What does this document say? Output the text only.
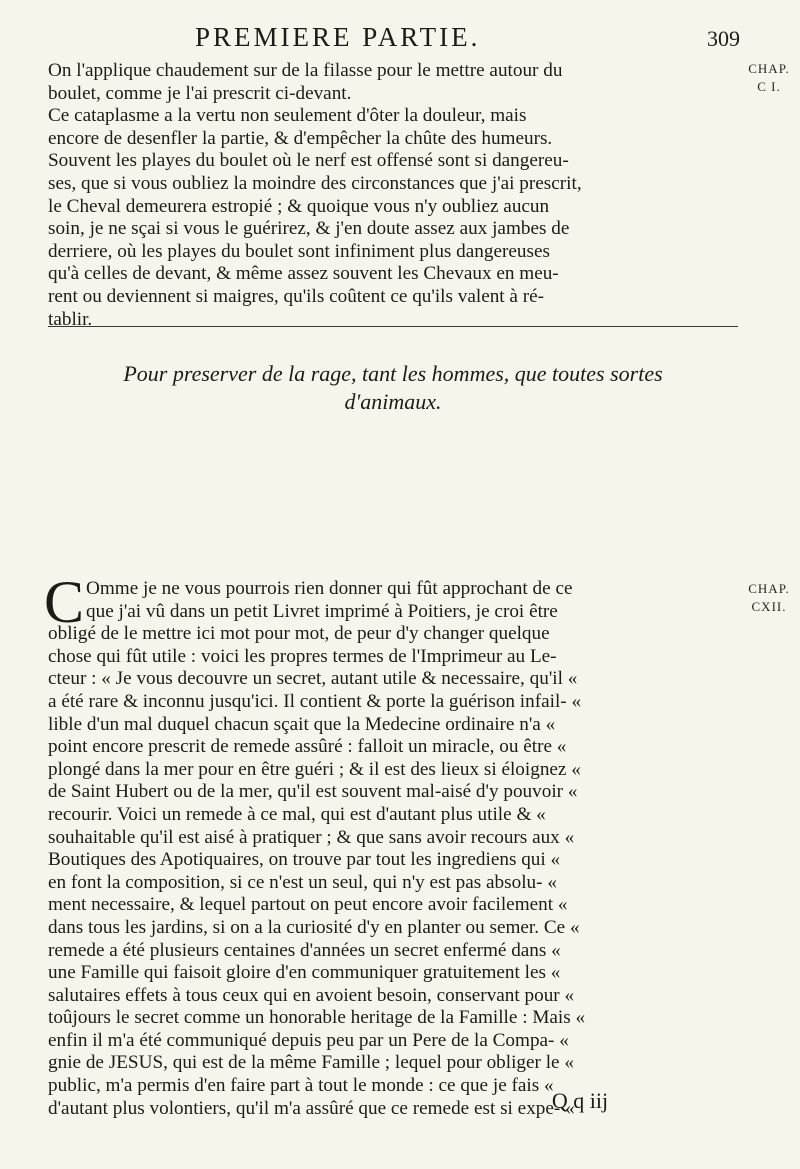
PREMIERE PARTIE.	309
CHAP. C I.
On l'applique chaudement sur de la filasse pour le mettre autour du
boulet, comme je l'ai prescrit ci-devant.
Ce cataplasme a la vertu non seulement d'ôter la douleur, mais
encore de desenfler la partie, & d'empêcher la chûte des humeurs.
Souvent les playes du boulet où le nerf est offensé sont si dangereu-
ses, que si vous oubliez la moindre des circonstances que j'ai prescrit,
le Cheval demeurera estropié ; & quoique vous n'y oubliez aucun
soin, je ne sçai si vous le guérirez, & j'en doute assez aux jambes de
derriere, où les playes du boulet sont infiniment plus dangereuses
qu'à celles de devant, & même assez souvent les Chevaux en meu-
rent ou deviennent si maigres, qu'ils coûtent ce qu'ils valent à ré-
tablir.
Pour preserver de la rage, tant les hommes, que toutes sortes
d'animaux.
CHAP. CXII.
C Omme je ne vous pourrois rien donner qui fût approchant de ce
que j'ai vû dans un petit Livret imprimé à Poitiers, je croi être
obligé de le mettre ici mot pour mot, de peur d'y changer quelque
chose qui fût utile : voici les propres termes de l'Imprimeur au Le-
cteur : « Je vous decouvre un secret, autant utile & necessaire, qu'il «
a été rare & inconnu jusqu'ici. Il contient & porte la guérison infail- «
lible d'un mal duquel chacun sçait que la Medecine ordinaire n'a «
point encore prescrit de remede assûré : falloit un miracle, ou être «
plongé dans la mer pour en être guéri ; & il est des lieux si éloignez «
de Saint Hubert ou de la mer, qu'il est souvent mal-aisé d'y pouvoir «
recourir. Voici un remede à ce mal, qui est d'autant plus utile & «
souhaitable qu'il est aisé à pratiquer ; & que sans avoir recours aux «
Boutiques des Apotiquaires, on trouve par tout les ingrediens qui «
en font la composition, si ce n'est un seul, qui n'y est pas absolu- «
ment necessaire, & lequel partout on peut encore avoir facilement «
dans tous les jardins, si on a la curiosité d'y en planter ou semer. Ce «
remede a été plusieurs centaines d'années un secret enfermé dans «
une Famille qui faisoit gloire d'en communiquer gratuitement les «
salutaires effets à tous ceux qui en avoient besoin, conservant pour «
toûjours le secret comme un honorable heritage de la Famille : Mais «
enfin il m'a été communiqué depuis peu par un Pere de la Compa- «
gnie de JESUS, qui est de la même Famille ; lequel pour obliger le «
public, m'a permis d'en faire part à tout le monde : ce que je fais «
d'autant plus volontiers, qu'il m'a assûré que ce remede est si expe- «
Q q iij
